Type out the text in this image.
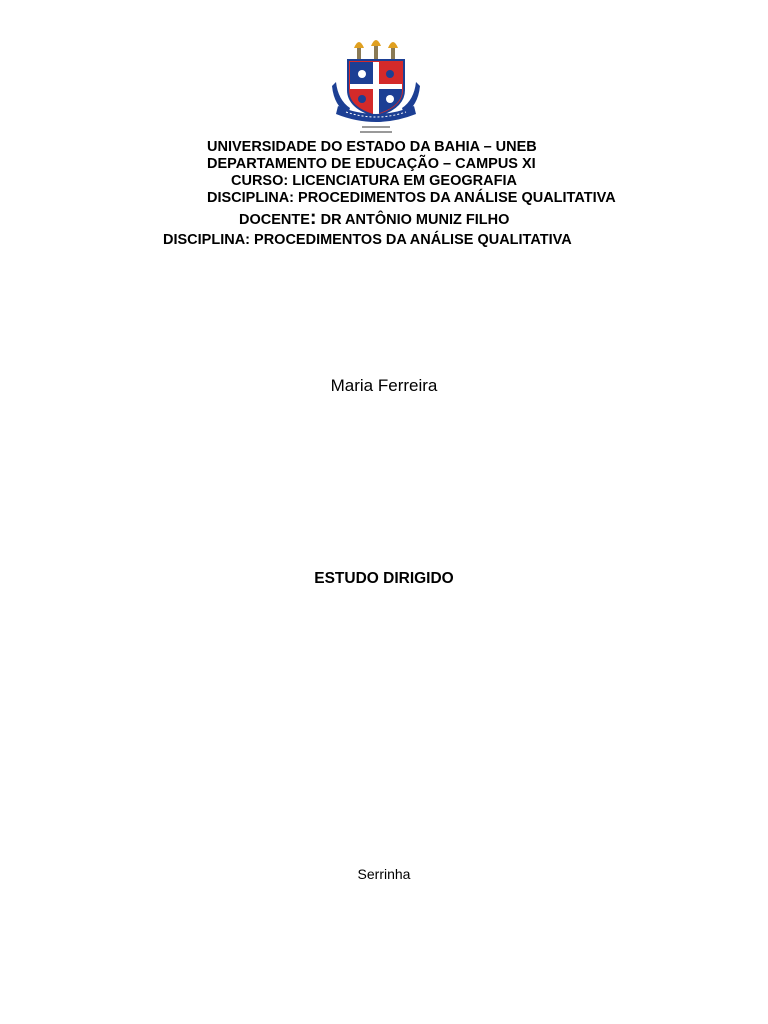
UNIVERSIDADE DO ESTADO DA BAHIA – UNEB
DEPARTAMENTO DE EDUCAÇÃO – CAMPUS XI
CURSO: LICENCIATURA EM GEOGRAFIA
DISCIPLINA: PROCEDIMENTOS DA ANÁLISE QUALITATIVA
DOCENTE: DR ANTÔNIO MUNIZ FILHO
DISCIPLINA: PROCEDIMENTOS DA ANÁLISE QUALITATIVA
Maria Ferreira
ESTUDO DIRIGIDO
Serrinha
